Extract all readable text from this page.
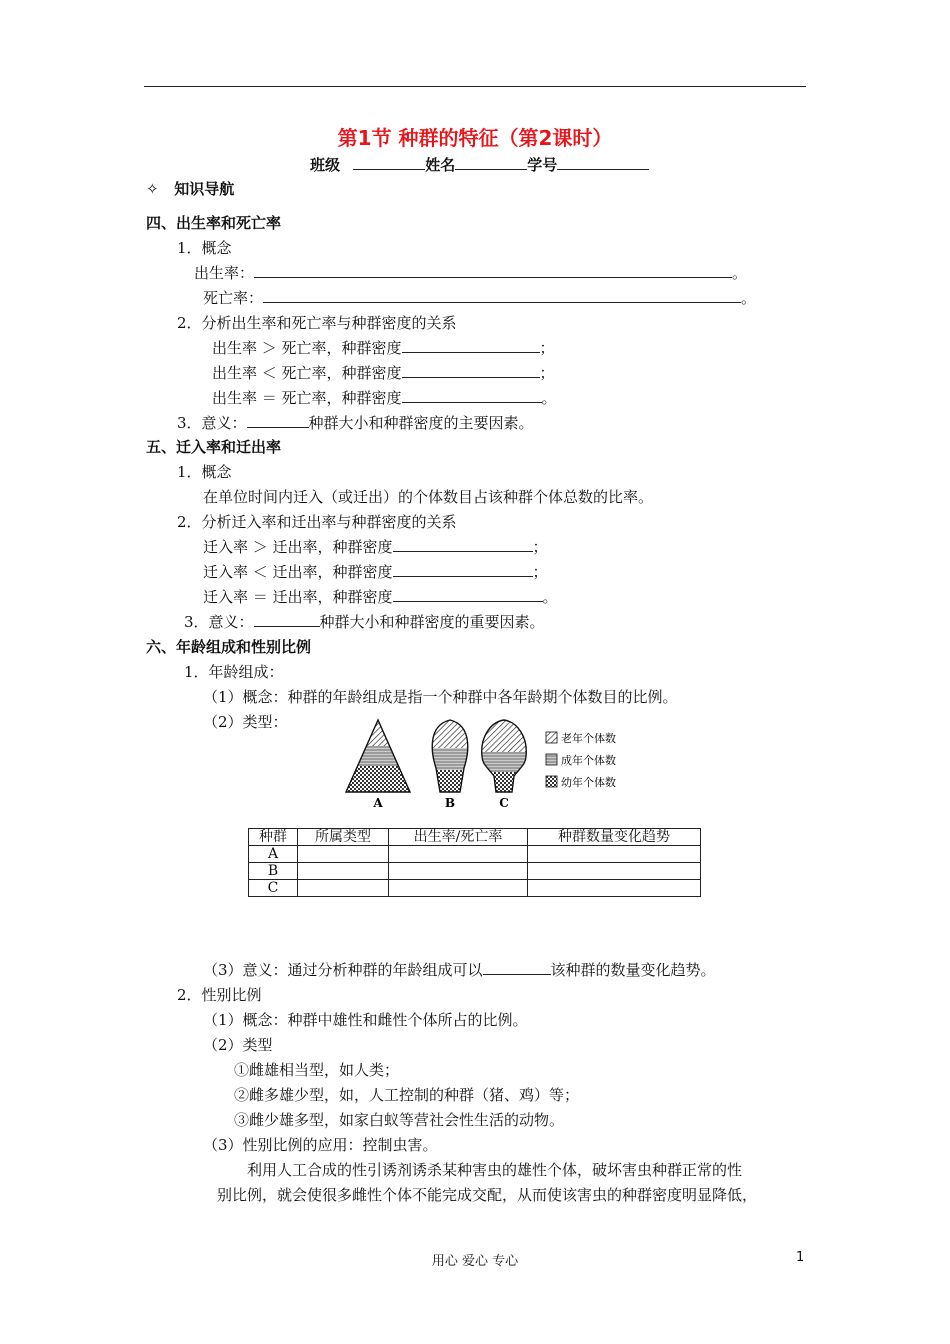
第1节 种群的特征（第2课时）
班级	姓名	学号
✧ 知识导航
四、出生率和死亡率
1．概念
出生率：	。
死亡率：	。
2．分析出生率和死亡率与种群密度的关系
出生率 ＞ 死亡率，种群密度	；
出生率 ＜ 死亡率，种群密度	；
出生率 ＝ 死亡率，种群密度	。
3．意义：	种群大小和种群密度的主要因素。
五、迁入率和迁出率
1．概念
在单位时间内迁入（或迁出）的个体数目占该种群个体总数的比率。
2．分析迁入率和迁出率与种群密度的关系
迁入率 ＞ 迁出率，种群密度	；
迁入率 ＜ 迁出率，种群密度	；
迁入率 ＝ 迁出率，种群密度	。
3．意义：	种群大小和种群密度的重要因素。
六、年龄组成和性别比例
1．年龄组成：
（1）概念：种群的年龄组成是指一个种群中各年龄期个体数目的比例。
（2）类型：
A	B	C
老年个体数
成年个体数
幼年个体数
种群	所属类型	出生率/死亡率	种群数量变化趋势
A			
B			
C			
（3）意义：通过分析种群的年龄组成可以	该种群的数量变化趋势。
2．性别比例
（1）概念：种群中雄性和雌性个体所占的比例。
（2）类型
①雌雄相当型，如人类；
②雌多雄少型，如，人工控制的种群（猪、鸡）等；
③雌少雄多型，如家白蚁等营社会性生活的动物。
（3）性别比例的应用：控制虫害。
利用人工合成的性引诱剂诱杀某种害虫的雄性个体，破坏害虫种群正常的性
别比例，就会使很多雌性个体不能完成交配，从而使该害虫的种群密度明显降低，
用心 爱心 专心	1
